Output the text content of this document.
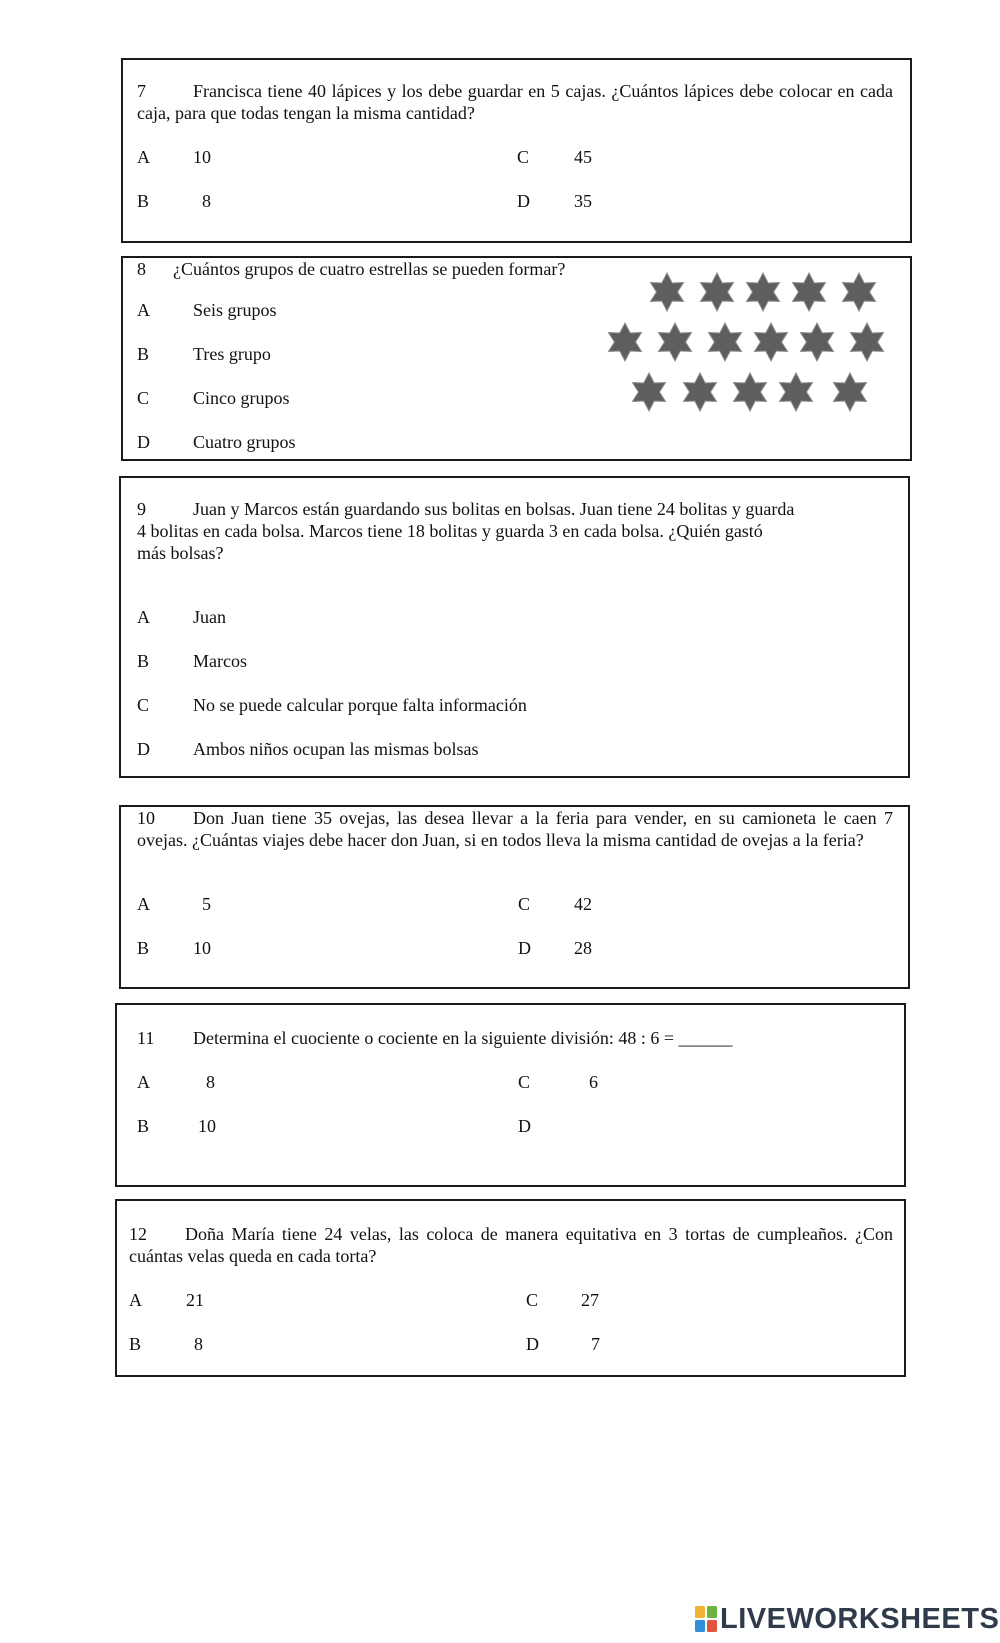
7	Francisca tiene 40 lápices y los debe guardar en 5 cajas. ¿Cuántos lápices debe colocar en cada caja, para que todas tengan la misma cantidad?
A 10
B	8
C 45
D 35
8 ¿Cuántos grupos de cuatro estrellas se pueden formar?
A Seis grupos
B Tres grupo
C Cinco grupos
D Cuatro grupos
9	Juan y Marcos están guardando sus bolitas en bolsas. Juan tiene 24 bolitas y guarda
4 bolitas en cada bolsa. Marcos tiene 18 bolitas y guarda 3 en cada bolsa. ¿Quién gastó
más bolsas?
A Juan
B Marcos
C No se puede calcular porque falta información
D Ambos niños ocupan las mismas bolsas
10	Don Juan tiene 35 ovejas, las desea llevar a la feria para vender, en su camioneta le caen 7 ovejas. ¿Cuántas viajes debe hacer don Juan, si en todos lleva la misma cantidad de ovejas a la feria?
A	5
B 10
C 42
D 28
11 Determina el cuociente o cociente en la siguiente división: 48 : 6 = ______
A	8
B	10
C	6
D
12	Doña María tiene 24 velas, las coloca de manera equitativa en 3 tortas de cumpleaños. ¿Con cuántas velas queda en cada torta?
A 21
B	8
C 27
D	7
LIVEWORKSHEETS
